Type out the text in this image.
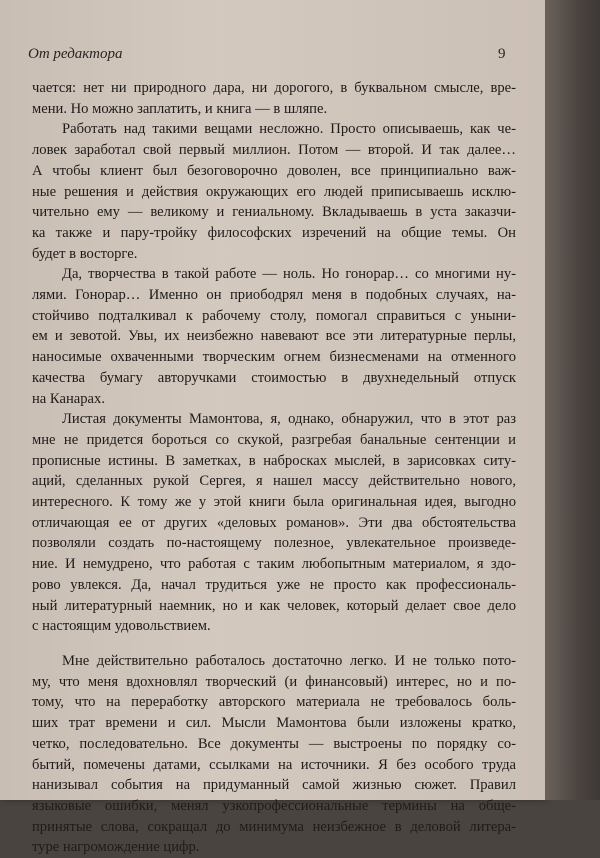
От редактора	9
чается: нет ни природного дара, ни дорогого, в буквальном смысле, вре-
мени. Но можно заплатить, и книга — в шляпе.
Работать над такими вещами несложно. Просто описываешь, как че-
ловек заработал свой первый миллион. Потом — второй. И так далее…
А чтобы клиент был безоговорочно доволен, все принципиально важ-
ные решения и действия окружающих его людей приписываешь исклю-
чительно ему — великому и гениальному. Вкладываешь в уста заказчи-
ка также и пару-тройку философских изречений на общие темы. Он
будет в восторге.
Да, творчества в такой работе — ноль. Но гонорар… со многими ну-
лями. Гонорар… Именно он приободрял меня в подобных случаях, на-
стойчиво подталкивал к рабочему столу, помогал справиться с уныни-
ем и зевотой. Увы, их неизбежно навевают все эти литературные перлы,
наносимые охваченными творческим огнем бизнесменами на отменного
качества бумагу авторучками стоимостью в двухнедельный отпуск
на Канарах.
Листая документы Мамонтова, я, однако, обнаружил, что в этот раз
мне не придется бороться со скукой, разгребая банальные сентенции и
прописные истины. В заметках, в набросках мыслей, в зарисовках ситу-
аций, сделанных рукой Сергея, я нашел массу действительно нового,
интересного. К тому же у этой книги была оригинальная идея, выгодно
отличающая ее от других «деловых романов». Эти два обстоятельства
позволяли создать по-настоящему полезное, увлекательное произведе-
ние. И немудрено, что работая с таким любопытным материалом, я здо-
рово увлекся. Да, начал трудиться уже не просто как профессиональ-
ный литературный наемник, но и как человек, который делает свое дело
с настоящим удовольствием.
Мне действительно работалось достаточно легко. И не только пото-
му, что меня вдохновлял творческий (и финансовый) интерес, но и по-
тому, что на переработку авторского материала не требовалось боль-
ших трат времени и сил. Мысли Мамонтова были изложены кратко,
четко, последовательно. Все документы — выстроены по порядку со-
бытий, помечены датами, ссылками на источники. Я без особого труда
нанизывал события на придуманный самой жизнью сюжет. Правил
языковые ошибки, менял узкопрофессиональные термины на обще-
принятые слова, сокращал до минимума неизбежное в деловой литера-
туре нагромождение цифр.
